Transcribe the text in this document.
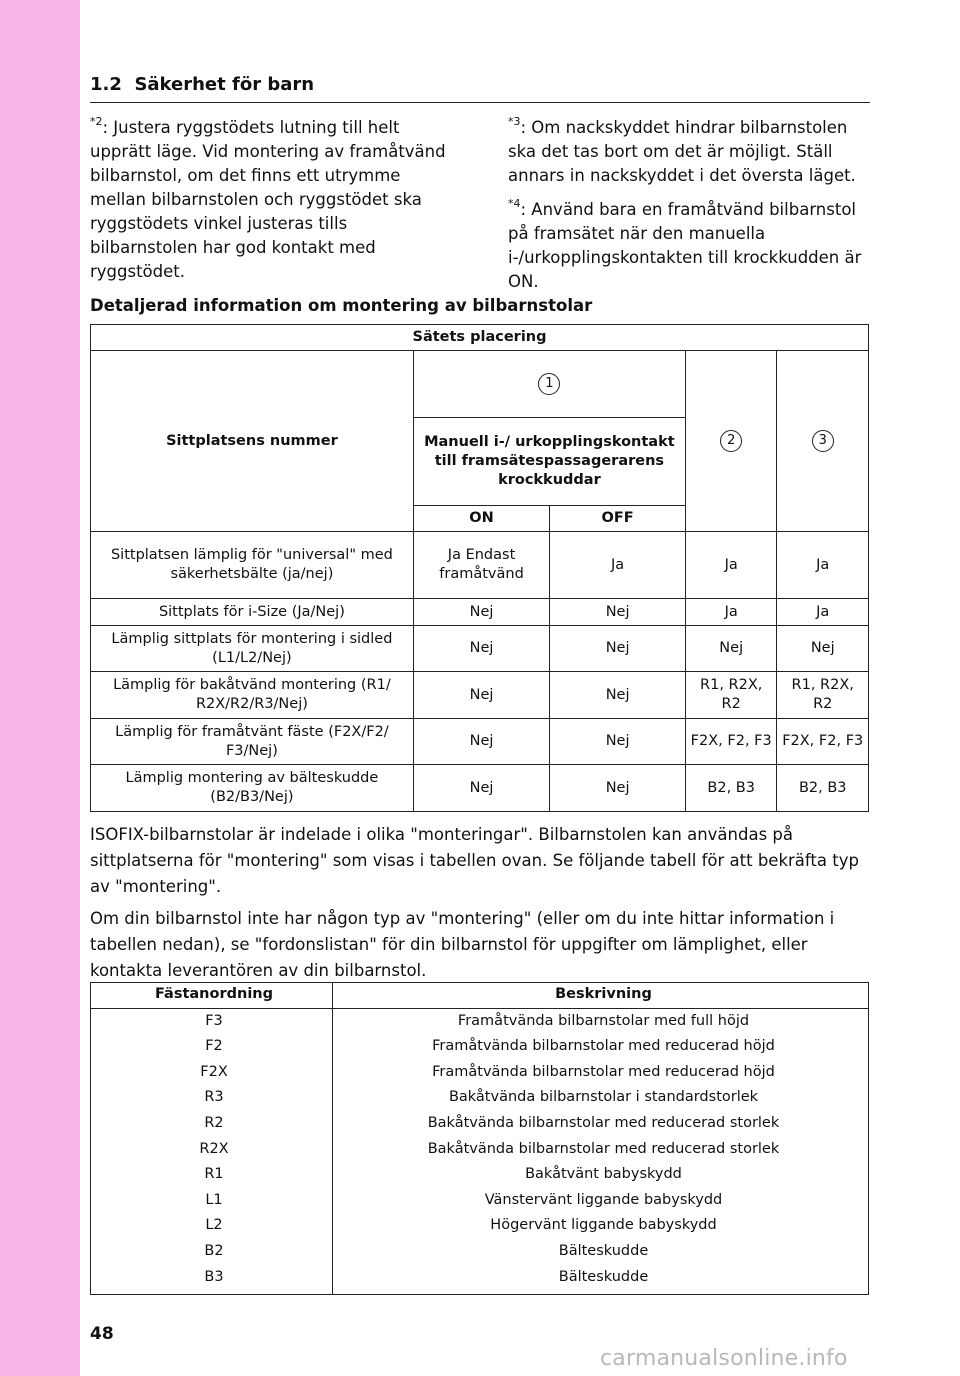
1.2 Säkerhet för barn
$^{*2}$: Justera ryggstödets lutning till helt upprätt läge. Vid montering av framåtvänd bilbarnstol, om det finns ett utrymme mellan bilbarnstolen och ryggstödet ska ryggstödets vinkel justeras tills bilbarnstolen har god kontakt med ryggstödet.
$^{*3}$: Om nackskyddet hindrar bilbarnstolen ska det tas bort om det är möjligt. Ställ annars in nackskyddet i det översta läget.
$^{*4}$: Använd bara en framåtvänd bilbarnstol på framsätet när den manuella i-/urkopplingskontakten till krockkudden är ON.
Detaljerad information om montering av bilbarnstolar
Sätets placering				
Sittplatsens nummer	1		2	3
	Manuell i-/ urkopplingskontakt till framsätespassagerarens krockkuddar			
	ON	OFF		
Sittplatsen lämplig för "universal" med säkerhetsbälte (ja/nej)	Ja Endast framåtvänd	Ja	Ja	Ja
Sittplats för i-Size (Ja/Nej)	Nej	Nej	Ja	Ja
Lämplig sittplats för montering i sidled (L1/L2/Nej)	Nej	Nej	Nej	Nej
Lämplig för bakåtvänd montering (R1/ R2X/R2/R3/Nej)	Nej	Nej	R1, R2X, R2	R1, R2X, R2
Lämplig för framåtvänt fäste (F2X/F2/ F3/Nej)	Nej	Nej	F2X, F2, F3	F2X, F2, F3
Lämplig montering av bälteskudde (B2/B3/Nej)	Nej	Nej	B2, B3	B2, B3
ISOFIX-bilbarnstolar är indelade i olika "monteringar". Bilbarnstolen kan användas på sittplatserna för "montering" som visas i tabellen ovan. Se följande tabell för att bekräfta typ av "montering".
Om din bilbarnstol inte har någon typ av "montering" (eller om du inte hittar information i tabellen nedan), se "fordonslistan" för din bilbarnstol för uppgifter om lämplighet, eller kontakta leverantören av din bilbarnstol.
Fästanordning	Beskrivning
F3	Framåtvända bilbarnstolar med full höjd
F2	Framåtvända bilbarnstolar med reducerad höjd
F2X	Framåtvända bilbarnstolar med reducerad höjd
R3	Bakåtvända bilbarnstolar i standardstorlek
R2	Bakåtvända bilbarnstolar med reducerad storlek
R2X	Bakåtvända bilbarnstolar med reducerad storlek
R1	Bakåtvänt babyskydd
L1	Vänstervänt liggande babyskydd
L2	Högervänt liggande babyskydd
B2	Bälteskudde
B3	Bälteskudde
48
carmanualsonline.info
